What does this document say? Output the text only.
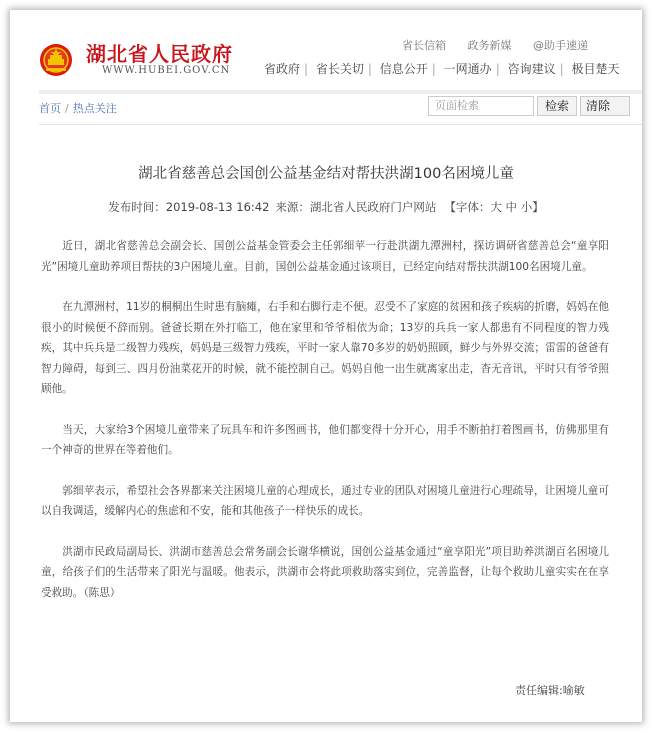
湖北省人民政府
WWW.HUBEI.GOV.CN
省长信箱 政务新媒 @助手速递
省政府 | 省长关切 | 信息公开 | 一网通办 | 咨询建议 | 极目楚天
首页 / 热点关注	页面检索	检索	清除
湖北省慈善总会国创公益基金结对帮扶洪湖100名困境儿童
发布时间：2019-08-13 16:42 来源：湖北省人民政府门户网站 【字体：大 中 小】

近日，湖北省慈善总会副会长、国创公益基金管委会主任郭细苹一行赴洪湖九潭洲村，探访调研省慈善总会“童享阳光”困境儿童助养项目帮扶的3户困境儿童。目前，国创公益基金通过该项目，已经定向结对帮扶洪湖100名困境儿童。

在九潭洲村，11岁的桐桐出生时患有脑瘫，右手和右脚行走不便。忍受不了家庭的贫困和孩子疾病的折磨，妈妈在他很小的时候便不辞而别。爸爸长期在外打临工，他在家里和爷爷相依为命；13岁的兵兵一家人都患有不同程度的智力残疾，其中兵兵是二级智力残疾，妈妈是三级智力残疾，平时一家人靠70多岁的奶奶照顾，鲜少与外界交流；雷雷的爸爸有智力障碍，每到三、四月份油菜花开的时候，就不能控制自己。妈妈自他一出生就离家出走，杳无音讯，平时只有爷爷照顾他。

当天，大家给3个困境儿童带来了玩具车和许多图画书，他们都变得十分开心，用手不断拍打着图画书，仿佛那里有一个神奇的世界在等着他们。

郭细苹表示，希望社会各界都来关注困境儿童的心理成长，通过专业的团队对困境儿童进行心理疏导，让困境儿童可以自我调适，缓解内心的焦虑和不安，能和其他孩子一样快乐的成长。

洪湖市民政局副局长、洪湖市慈善总会常务副会长谢华横说，国创公益基金通过“童享阳光”项目助养洪湖百名困境儿童，给孩子们的生活带来了阳光与温暖。他表示，洪湖市会将此项救助落实到位，完善监督，让每个救助儿童实实在在享受救助。（陈思）

责任编辑:喻敏
